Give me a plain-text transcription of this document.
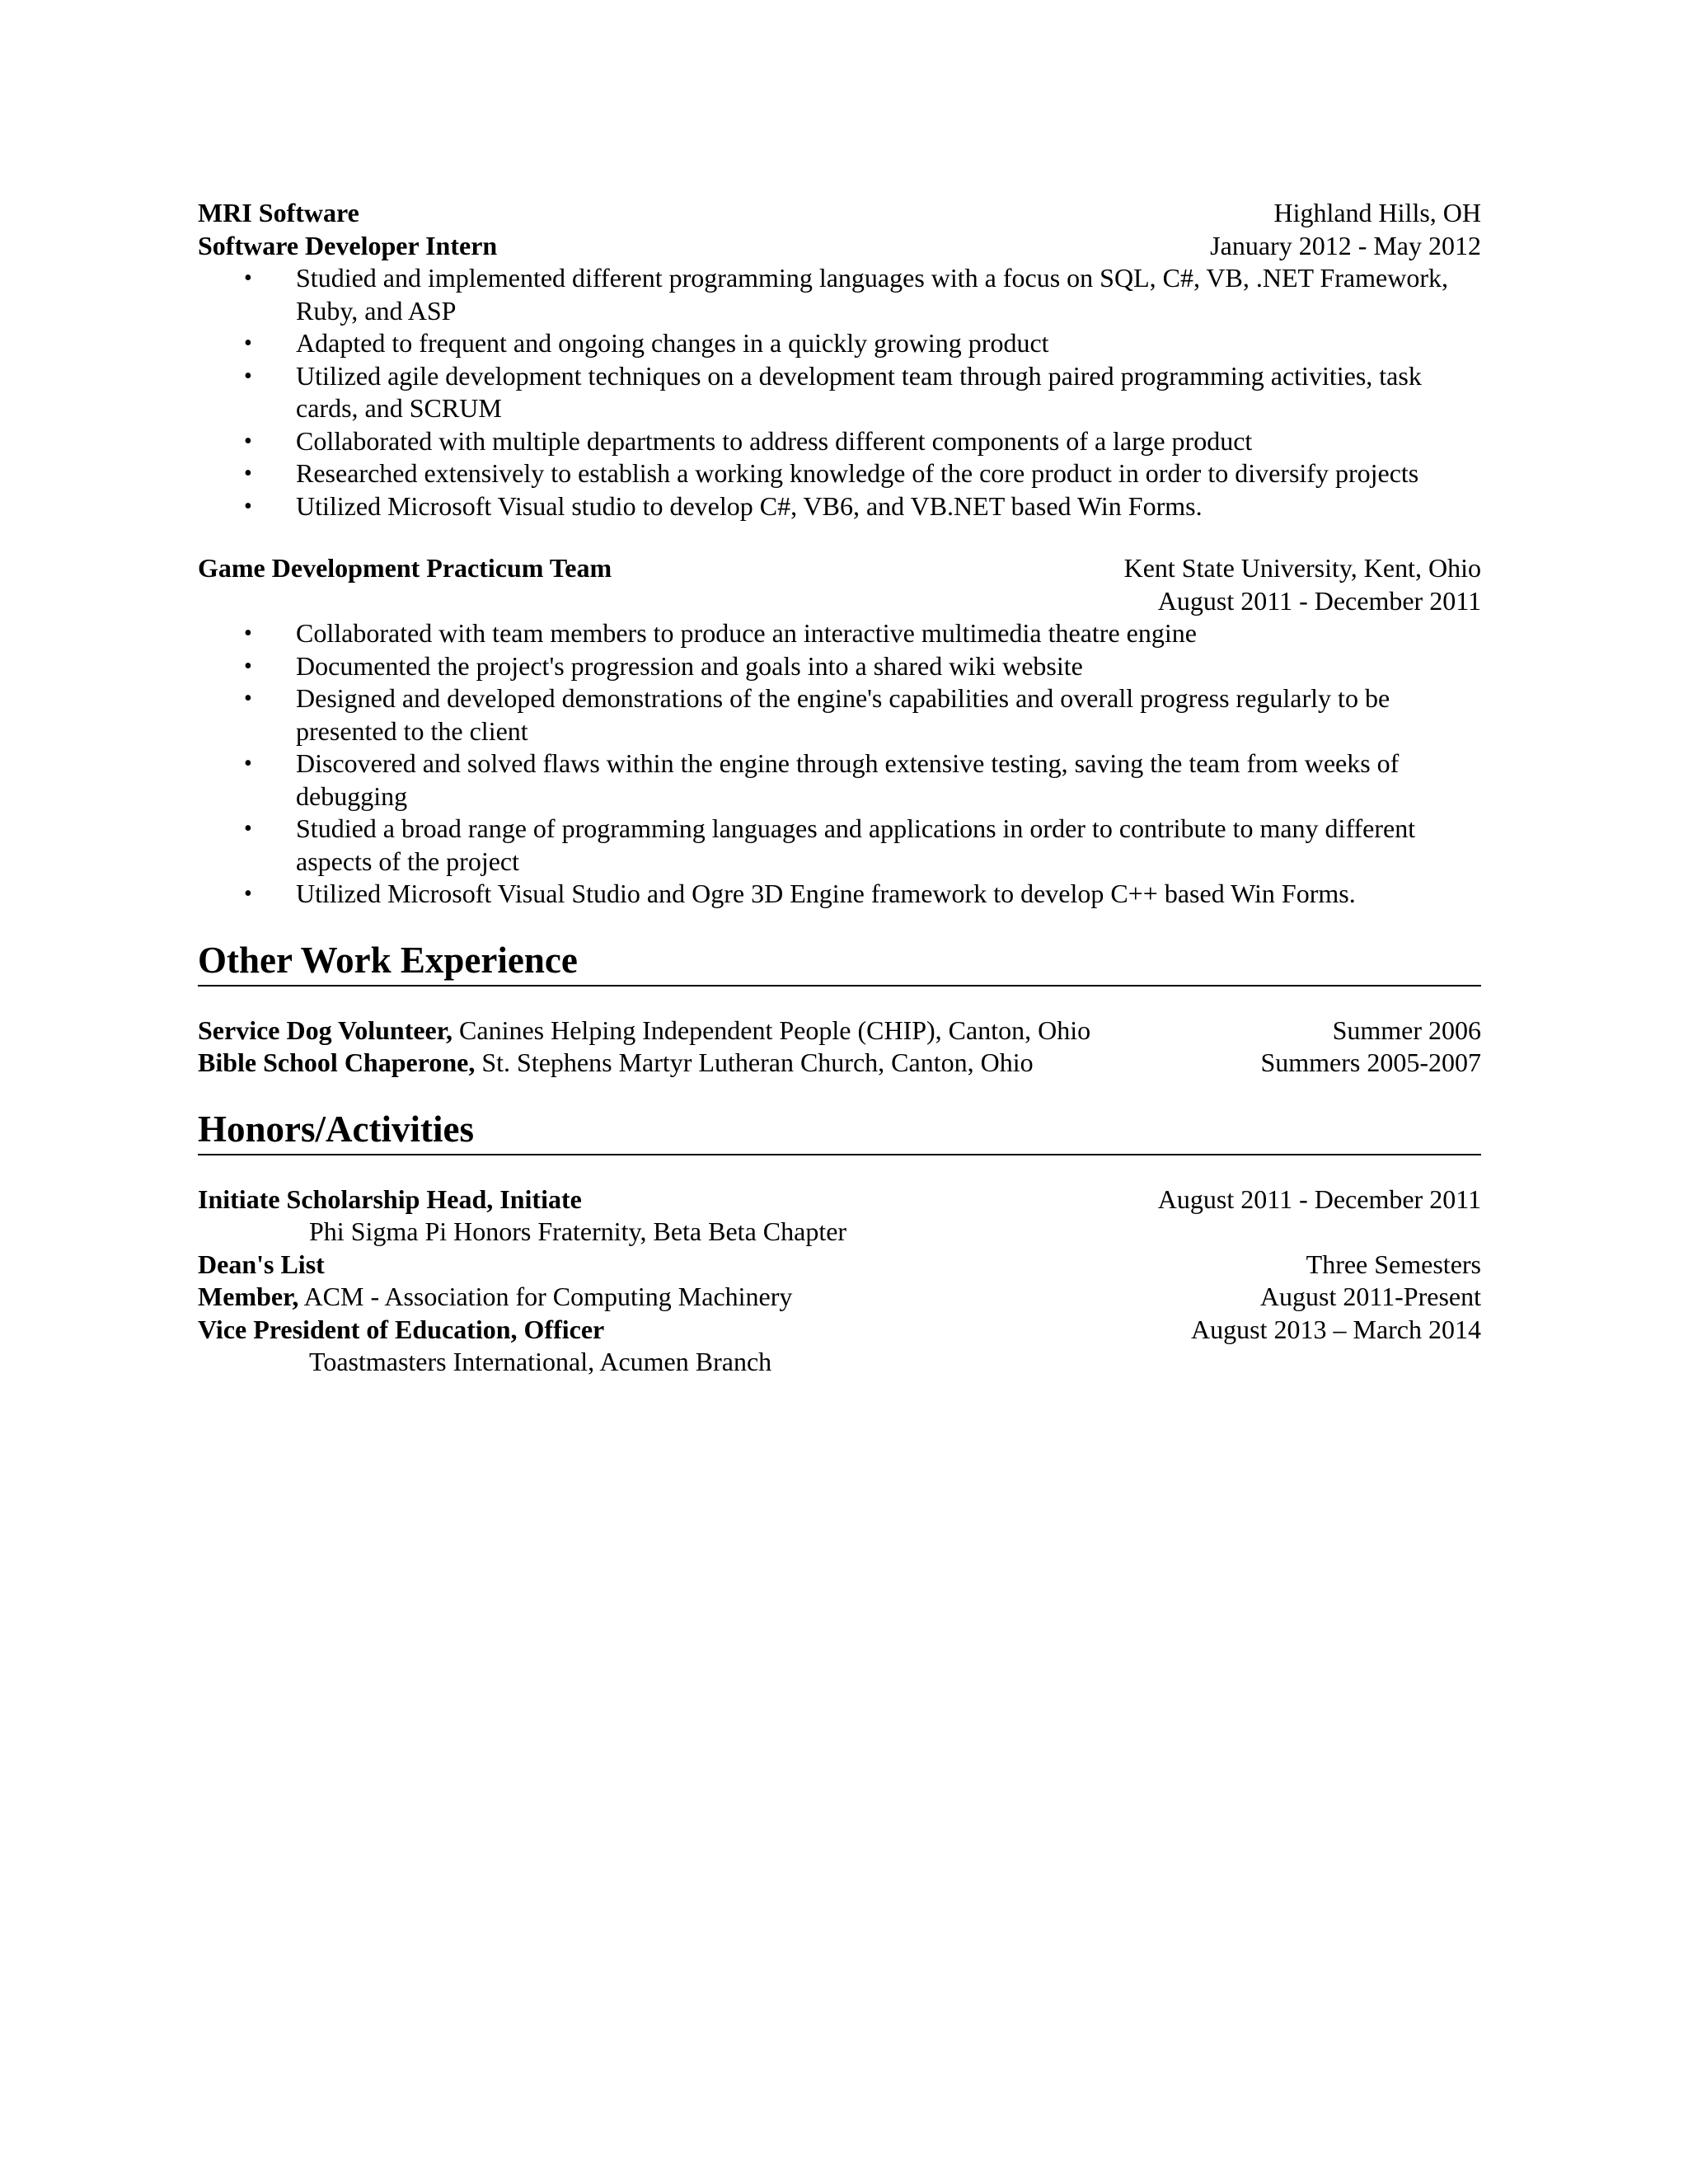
MRI Software	Highland Hills, OH
Software Developer Intern	January 2012 - May 2012
• Studied and implemented different programming languages with a focus on SQL, C#, VB, .NET Framework, Ruby, and ASP
• Adapted to frequent and ongoing changes in a quickly growing product
• Utilized agile development techniques on a development team through paired programming activities, task cards, and SCRUM
• Collaborated with multiple departments to address different components of a large product
• Researched extensively to establish a working knowledge of the core product in order to diversify projects
• Utilized Microsoft Visual studio to develop C#, VB6, and VB.NET based Win Forms.
Game Development Practicum Team	Kent State University, Kent, Ohio
August 2011 - December 2011
• Collaborated with team members to produce an interactive multimedia theatre engine
• Documented the project's progression and goals into a shared wiki website
• Designed and developed demonstrations of the engine's capabilities and overall progress regularly to be presented to the client
• Discovered and solved flaws within the engine through extensive testing, saving the team from weeks of debugging
• Studied a broad range of programming languages and applications in order to contribute to many different aspects of the project
• Utilized Microsoft Visual Studio and Ogre 3D Engine framework to develop C++ based Win Forms.
Other Work Experience
Service Dog Volunteer, Canines Helping Independent People (CHIP), Canton, Ohio	Summer 2006
Bible School Chaperone, St. Stephens Martyr Lutheran Church, Canton, Ohio	Summers 2005-2007
Honors/Activities
Initiate Scholarship Head, Initiate	August 2011 - December 2011
Phi Sigma Pi Honors Fraternity, Beta Beta Chapter
Dean's List	Three Semesters
Member, ACM - Association for Computing Machinery	August 2011-Present
Vice President of Education, Officer	August 2013 – March 2014
Toastmasters International, Acumen Branch
